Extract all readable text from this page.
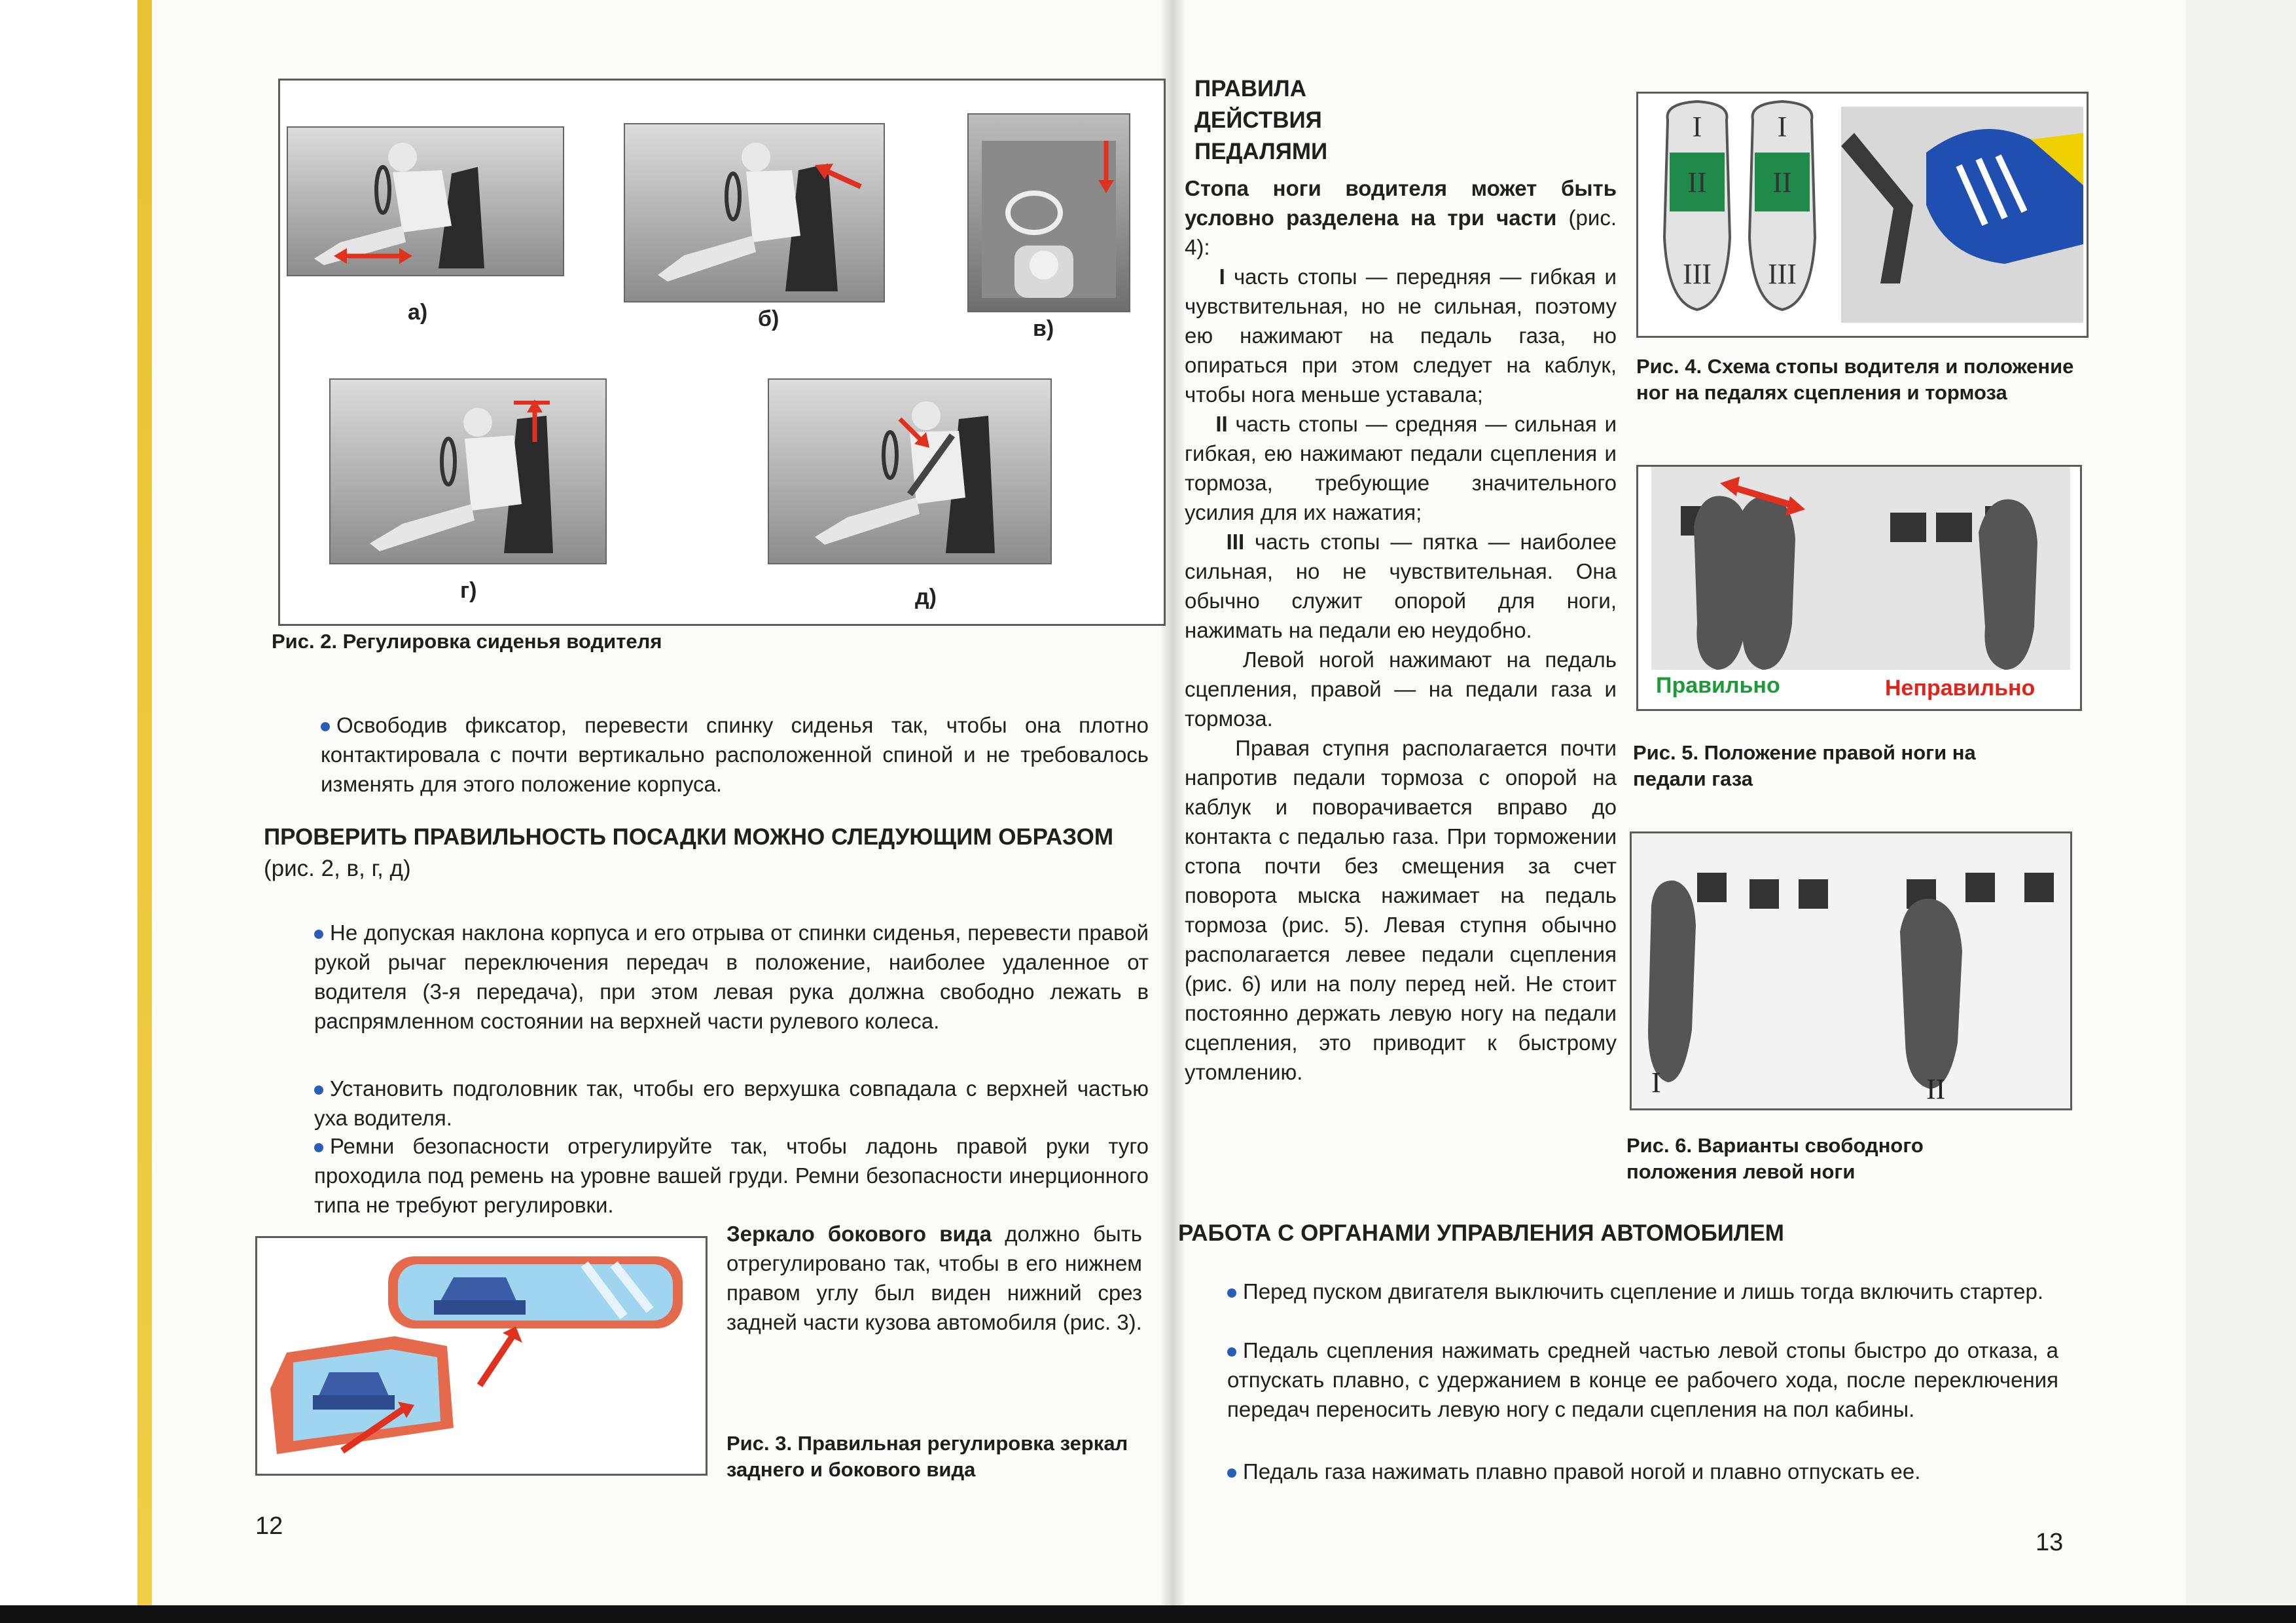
а)	б)	в)
г)	д)
Рис. 2. Регулировка сиденья водителя
Освободив фиксатор, перевести спинку сиденья так, чтобы она плотно контактировала с почти вертикально расположенной спиной и не требовалось изменять для этого положение корпуса.
ПРОВЕРИТЬ ПРАВИЛЬНОСТЬ ПОСАДКИ МОЖНО СЛЕДУЮЩИМ ОБРАЗОМ (рис. 2, в, г, д)
Не допуская наклона корпуса и его отрыва от спинки сиденья, перевести правой рукой рычаг переключения передач в положение, наиболее удаленное от водителя (3-я передача), при этом левая рука должна свободно лежать в распрямленном состоянии на верхней части рулевого колеса.
Установить подголовник так, чтобы его верхушка совпадала с верхней частью уха водителя.
Ремни безопасности отрегулируйте так, чтобы ладонь правой руки туго проходила под ремень на уровне вашей груди. Ремни безопасности инерционного типа не требуют регулировки.
Зеркало бокового вида должно быть отрегулировано так, чтобы в его нижнем правом углу был виден нижний срез задней части кузова автомобиля (рис. 3).
Рис. 3. Правильная регулировка зеркал заднего и бокового вида
12
ПРАВИЛА ДЕЙСТВИЯ ПЕДАЛЯМИ
Стопа ноги водителя может быть условно разделена на три части (рис. 4):
I часть стопы — передняя — гибкая и чувствительная, но не сильная, поэтому ею нажимают на педаль газа, но опираться при этом следует на каблук, чтобы нога меньше уставала;
II часть стопы — средняя — сильная и гибкая, ею нажимают педали сцепления и тормоза, требующие значительного усилия для их нажатия;
III часть стопы — пятка — наиболее сильная, но не чувствительная. Она обычно служит опорой для ноги, нажимать на педали ею неудобно.
Левой ногой нажимают на педаль сцепления, правой — на педали газа и тормоза.
Правая ступня располагается почти напротив педали тормоза с опорой на каблук и поворачивается вправо до контакта с педалью газа. При торможении стопа почти без смещения за счет поворота мыска нажимает на педаль тормоза (рис. 5). Левая ступня обычно располагается левее педали сцепления (рис. 6) или на полу перед ней. Не стоит постоянно держать левую ногу на педали сцепления, это приводит к быстрому утомлению.
I
II
III
I
II
III
Рис. 4. Схема стопы водителя и положение ног на педалях сцепления и тормоза
Правильно	Неправильно
Рис. 5. Положение правой ноги на педали газа
I	II
Рис. 6. Варианты свободного положения левой ноги
РАБОТА С ОРГАНАМИ УПРАВЛЕНИЯ АВТОМОБИЛЕМ
Перед пуском двигателя выключить сцепление и лишь тогда включить стартер.
Педаль сцепления нажимать средней частью левой стопы быстро до отказа, а отпускать плавно, с удержанием в конце ее рабочего хода, после переключения передач переносить левую ногу с педали сцепления на пол кабины.
Педаль газа нажимать плавно правой ногой и плавно отпускать ее.
13
